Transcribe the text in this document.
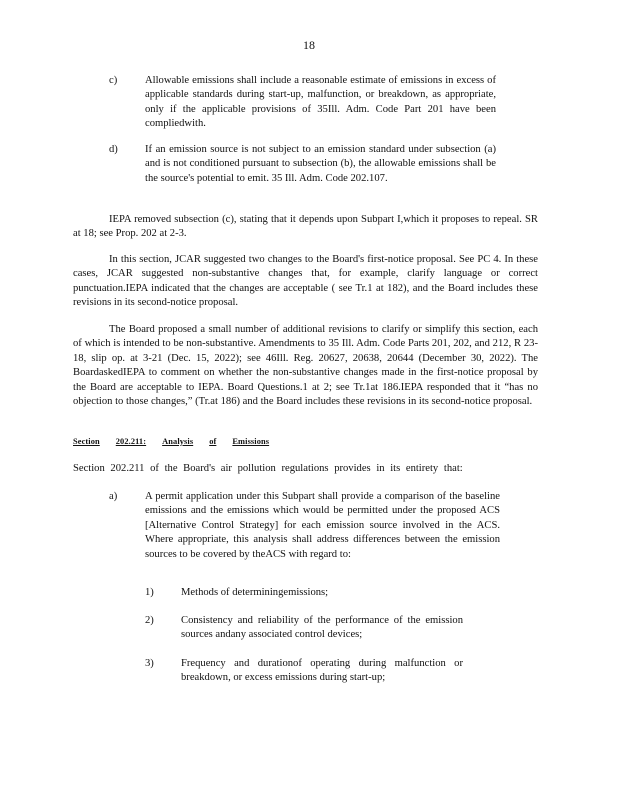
18
c)	Allowable emissions shall include a reasonable estimate of emissions in excess of applicable standards during start-up, malfunction, or breakdown, as appropriate, only if the applicable provisions of 35Ill. Adm. Code Part 201 have been compliedwith.
d)	If an emission source is not subject to an emission standard under subsection (a) and is not conditioned pursuant to subsection (b), the allowable emissions shall be the source's potential to emit. 35 Ill. Adm. Code 202.107.
IEPA removed subsection (c), stating that it depends upon Subpart I,which it proposes to repeal. SR at 18; see Prop. 202 at 2-3.
In this section, JCAR suggested two changes to the Board's first-notice proposal. See PC 4. In these cases, JCAR suggested non-substantive changes that, for example, clarify language or correct punctuation.IEPA indicated that the changes are acceptable ( see Tr.1 at 182), and the Board includes these revisions in its second-notice proposal.
The Board proposed a small number of additional revisions to clarify or simplify this section, each of which is intended to be non-substantive. Amendments to 35 Ill. Adm. Code Parts 201, 202, and 212, R 23-18, slip op. at 3-21 (Dec. 15, 2022); see 46Ill. Reg. 20627, 20638, 20644 (December 30, 2022). The BoardaskedIEPA to comment on whether the non-substantive changes made in the first-notice proposal by the Board are acceptable to IEPA. Board Questions.1 at 2; see Tr.1at 186.IEPA responded that it “has no objection to those changes,” (Tr.at 186) and the Board includes these revisions in its second-notice proposal.
Section 202.211: Analysis of Emissions
Section 202.211 of the Board's air pollution regulations provides in its entirety that:
a)	A permit application under this Subpart shall provide a comparison of the baseline emissions and the emissions which would be permitted under the proposed ACS [Alternative Control Strategy] for each emission source involved in the ACS. Where appropriate, this analysis shall address differences between the emission sources to be covered by theACS with regard to:
1)	Methods of determiningemissions;
2)	Consistency and reliability of the performance of the emission sources andany associated control devices;
3)	Frequency and durationof operating during malfunction or breakdown, or excess emissions during start-up;
